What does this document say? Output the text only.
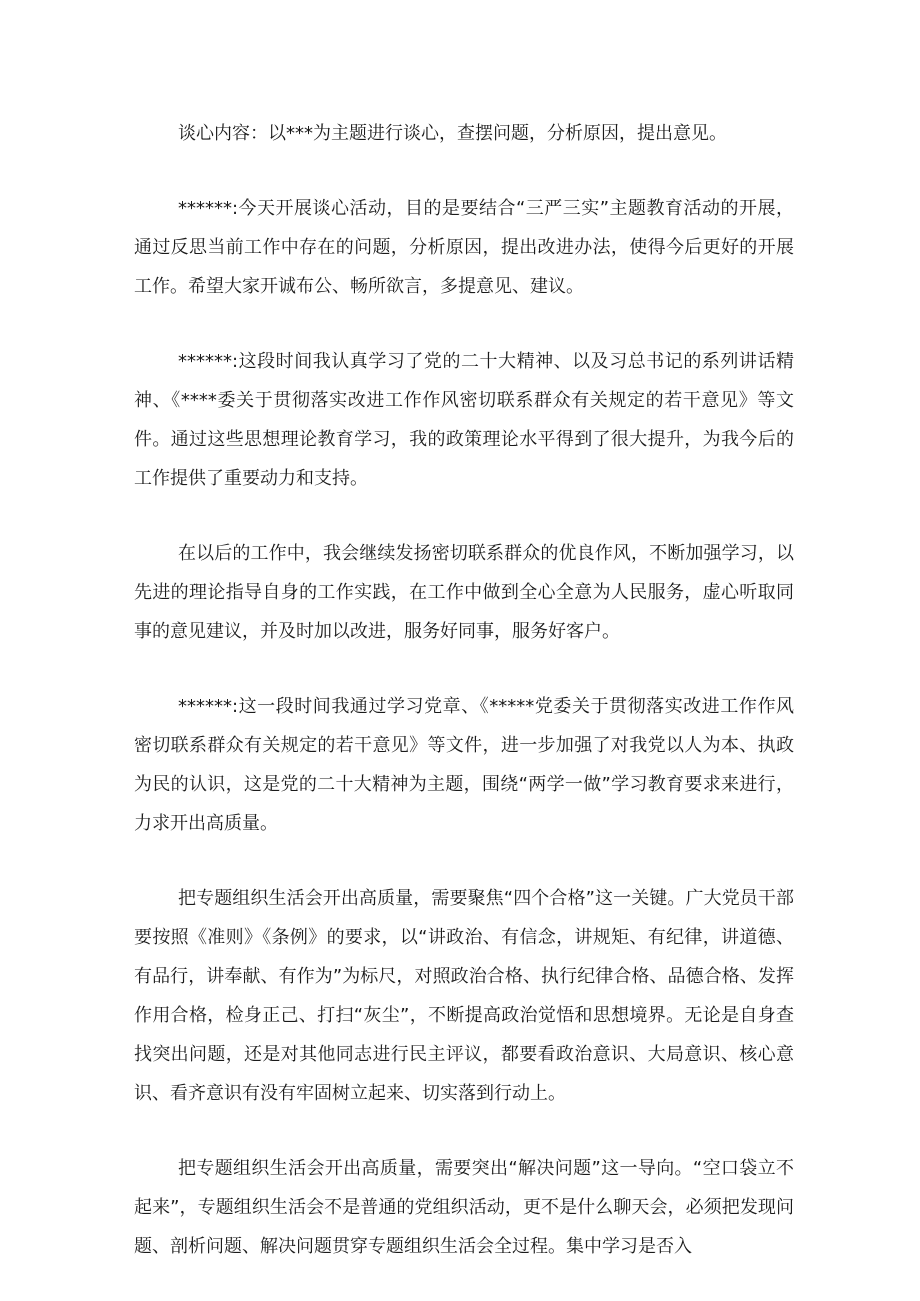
谈心内容：以***为主题进行谈心，查摆问题，分析原因，提出意见。

******:今天开展谈心活动，目的是要结合“三严三实”主题教育活动的开展，通过反思当前工作中存在的问题，分析原因，提出改进办法，使得今后更好的开展工作。希望大家开诚布公、畅所欲言，多提意见、建议。

******:这段时间我认真学习了党的二十大精神、以及习总书记的系列讲话精神、《****委关于贯彻落实改进工作作风密切联系群众有关规定的若干意见》等文件。通过这些思想理论教育学习，我的政策理论水平得到了很大提升，为我今后的工作提供了重要动力和支持。

在以后的工作中，我会继续发扬密切联系群众的优良作风，不断加强学习，以先进的理论指导自身的工作实践，在工作中做到全心全意为人民服务，虚心听取同事的意见建议，并及时加以改进，服务好同事，服务好客户。

******:这一段时间我通过学习党章、《*****党委关于贯彻落实改进工作作风密切联系群众有关规定的若干意见》等文件，进一步加强了对我党以人为本、执政为民的认识，这是党的二十大精神为主题，围绕“两学一做”学习教育要求来进行，力求开出高质量。

把专题组织生活会开出高质量，需要聚焦“四个合格”这一关键。广大党员干部要按照《准则》《条例》的要求，以“讲政治、有信念，讲规矩、有纪律，讲道德、有品行，讲奉献、有作为”为标尺，对照政治合格、执行纪律合格、品德合格、发挥作用合格，检身正己、打扫“灰尘”，不断提高政治觉悟和思想境界。无论是自身查找突出问题，还是对其他同志进行民主评议，都要看政治意识、大局意识、核心意识、看齐意识有没有牢固树立起来、切实落到行动上。

把专题组织生活会开出高质量，需要突出“解决问题”这一导向。“空口袋立不起来”，专题组织生活会不是普通的党组织活动，更不是什么聊天会，必须把发现问题、剖析问题、解决问题贯穿专题组织生活会全过程。集中学习是否入
